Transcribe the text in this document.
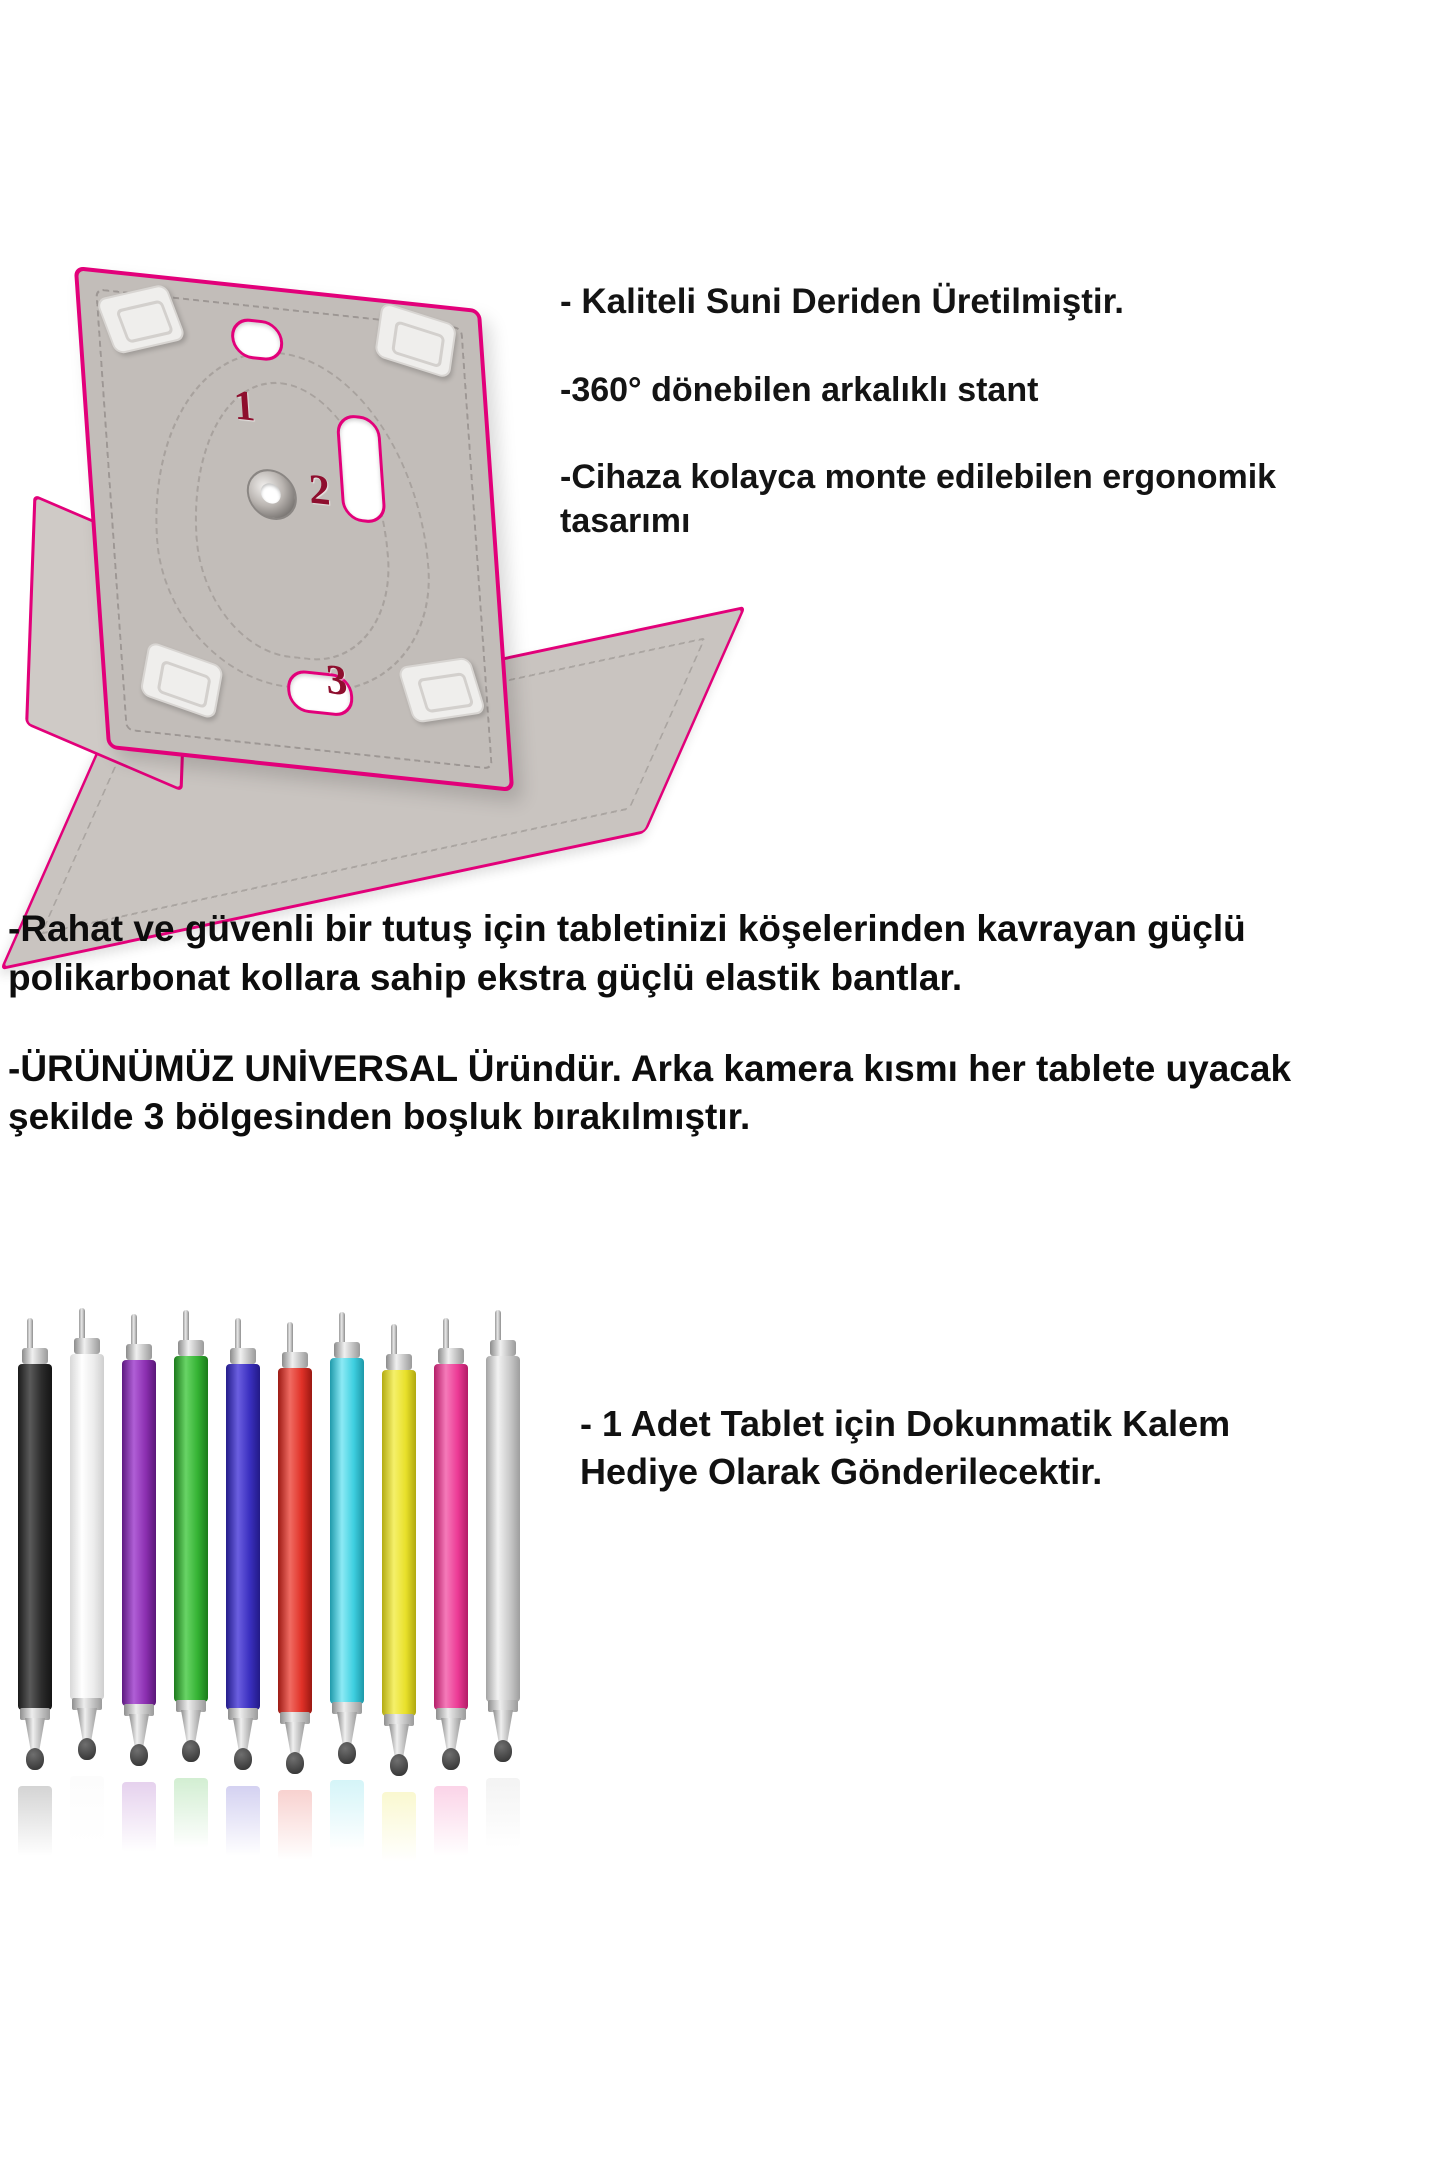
1
2
3

- Kaliteli Suni Deriden Üretilmiştir.

-360° dönebilen arkalıklı stant

-Cihaza kolayca monte edilebilen ergonomik tasarımı

-Rahat ve güvenli bir tutuş için tabletinizi köşelerinden kavrayan güçlü polikarbonat kollara sahip ekstra güçlü elastik bantlar.

-ÜRÜNÜMÜZ UNİVERSAL Üründür. Arka kamera kısmı her tablete uyacak şekilde 3 bölgesinden boşluk bırakılmıştır.

- 1 Adet Tablet için Dokunmatik Kalem Hediye Olarak Gönderilecektir.
